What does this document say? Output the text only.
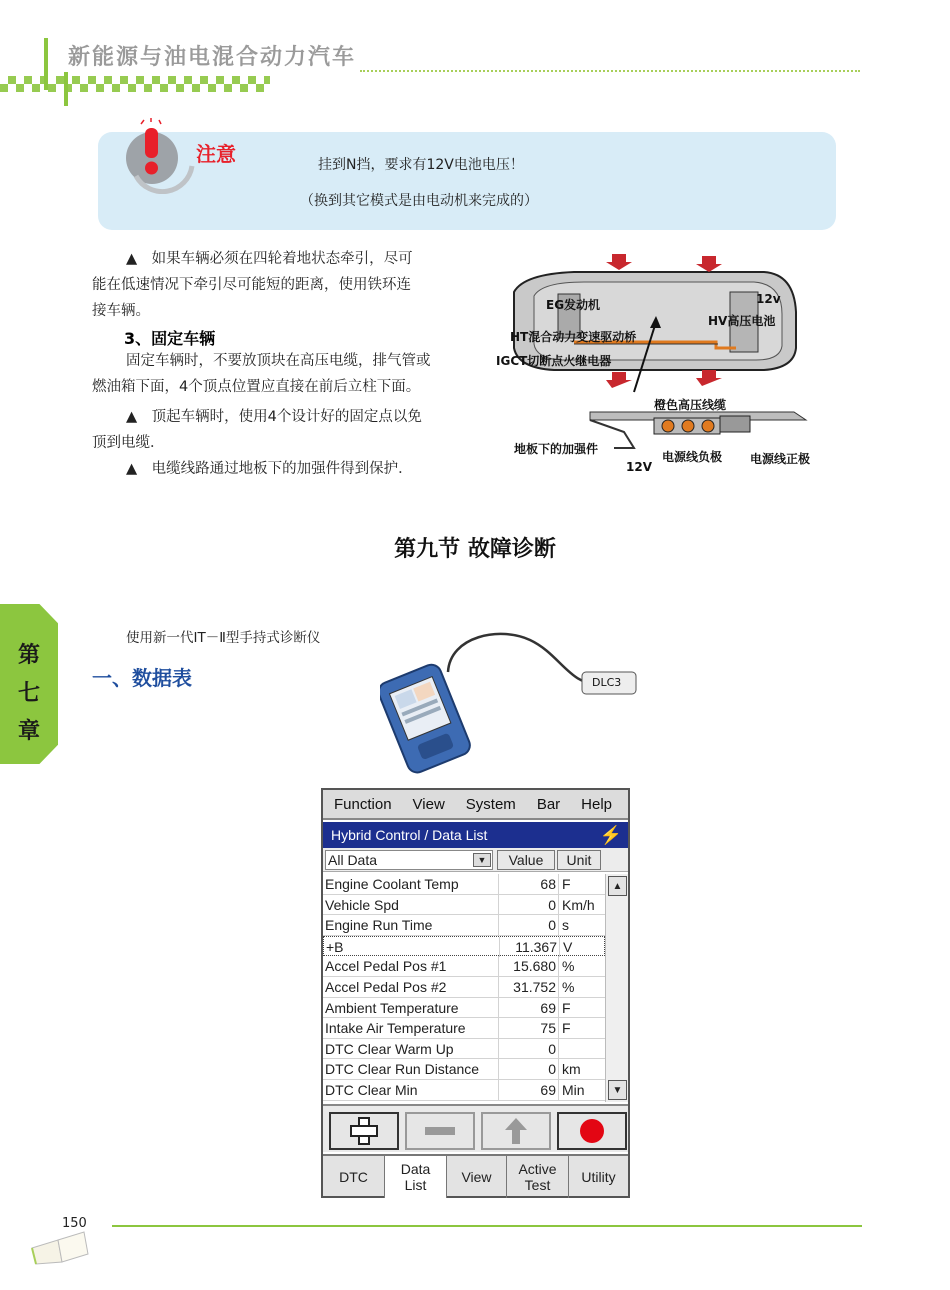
新能源与油电混合动力汽车
注意	挂到N挡，要求有12V电池电压！
（换到其它模式是由电动机来完成的）
▲　如果车辆必须在四轮着地状态牵引，尽可
能在低速情况下牵引尽可能短的距离，使用铁环连
接车辆。
3、固定车辆
固定车辆时，不要放顶块在高压电缆，排气管或
燃油箱下面，4个顶点位置应直接在前后立柱下面。
▲　顶起车辆时，使用4个设计好的固定点以免
顶到电缆．
▲　电缆线路通过地板下的加强件得到保护．
EG发动机	12v
HV高压电池
HT混合动力变速驱动桥
IGCT切断点火继电器
橙色高压线缆
地板下的加强件
12V
电源线负极 电源线正极
第九节 故障诊断
第
七
章
使用新一代IT－Ⅱ型手持式诊断仪
一、数据表	DLC3
Function	View	System	Bar	Help
Hybrid Control / Data List	⚡
All Data	▼	Value	Unit
Engine Coolant Temp	68 F
Vehicle Spd	0 Km/h
Engine Run Time	0 s
+B	11.367 V
Accel Pedal Pos #1	15.680 %
Accel Pedal Pos #2	31.752 %
Ambient Temperature	69 F
Intake Air Temperature	75 F
DTC Clear Warm Up	0
DTC Clear Run Distance	0 km
DTC Clear Min	69 Min
▲
▼
DTC	Data
List	View	Active
Test	Utility
150
